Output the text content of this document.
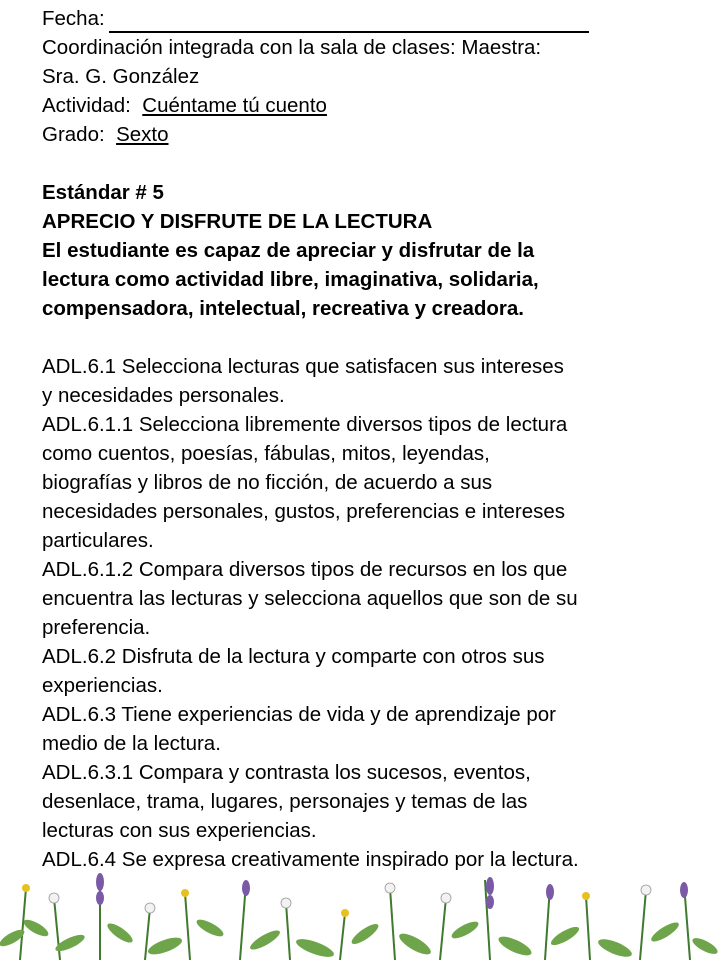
Fecha:
Coordinación integrada con la sala de clases: Maestra:
Sra. G. González
Actividad: Cuéntame tú cuento
Grado: Sexto
Estándar # 5
APRECIO Y DISFRUTE DE LA LECTURA
El estudiante es capaz de apreciar y disfrutar de la
lectura como actividad libre, imaginativa, solidaria,
compensadora, intelectual, recreativa y creadora.
ADL.6.1 Selecciona lecturas que satisfacen sus intereses
y necesidades personales.
ADL.6.1.1 Selecciona libremente diversos tipos de lectura
como cuentos, poesías, fábulas, mitos, leyendas,
biografías y libros de no ficción, de acuerdo a sus
necesidades personales, gustos, preferencias e intereses
particulares.
ADL.6.1.2 Compara diversos tipos de recursos en los que
encuentra las lecturas y selecciona aquellos que son de su
preferencia.
ADL.6.2 Disfruta de la lectura y comparte con otros sus
experiencias.
ADL.6.3 Tiene experiencias de vida y de aprendizaje por
medio de la lectura.
ADL.6.3.1 Compara y contrasta los sucesos, eventos,
desenlace, trama, lugares, personajes y temas de las
lecturas con sus experiencias.
ADL.6.4 Se expresa creativamente inspirado por la lectura.
